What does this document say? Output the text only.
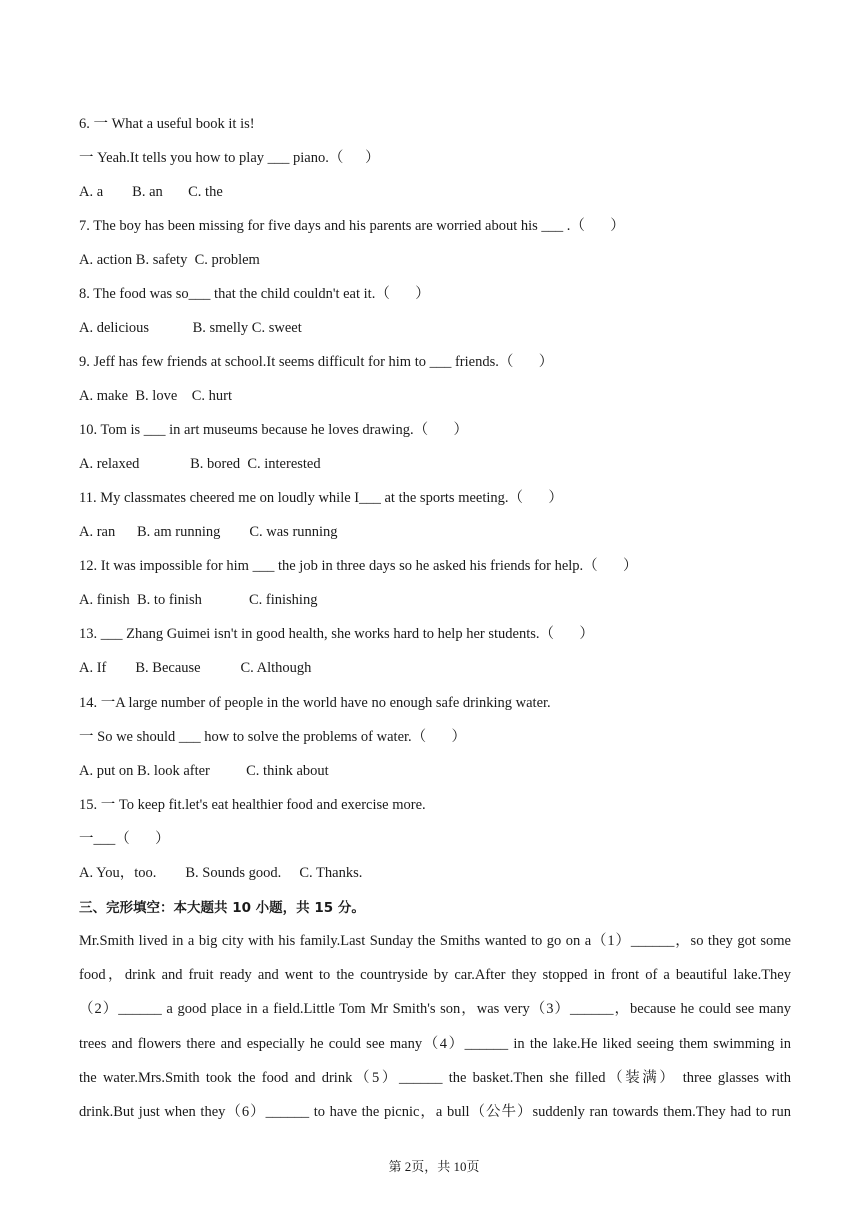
6. 一 What a useful book it is!
一 Yeah.It tells you how to play ___ piano.（      ）
A. a        B. an       C. the
7. The boy has been missing for five days and his parents are worried about his ___ .（       ）
A. action B. safety  C. problem
8. The food was so___ that the child couldn't eat it.（       ）
A. delicious            B. smelly C. sweet
9. Jeff has few friends at school.It seems difficult for him to ___ friends.（       ）
A. make  B. love    C. hurt
10. Tom is ___ in art museums because he loves drawing.（       ）
A. relaxed              B. bored  C. interested
11. My classmates cheered me on loudly while I___ at the sports meeting.（       ）
A. ran      B. am running        C. was running
12. It was impossible for him ___ the job in three days so he asked his friends for help.（       ）
A. finish  B. to finish             C. finishing
13. ___ Zhang Guimei isn't in good health, she works hard to help her students.（       ）
A. If        B. Because           C. Although
14. 一A large number of people in the world have no enough safe drinking water.
一 So we should ___ how to solve the problems of water.（       ）
A. put on B. look after          C. think about
15. 一 To keep fit.let's eat healthier food and exercise more.
一___（       ）
A. You，too.        B. Sounds good.     C. Thanks.
三、完形填空：本大题共 10 小题，共 15 分。
Mr.Smith lived in a big city with his family.Last Sunday the Smiths wanted to go on a（1）______，so they got some
food，drink and fruit ready and went to the countryside by car.After they stopped in front of a beautiful lake.They
（2）______ a good place in a field.Little Tom Mr Smith's son，was very（3）______，because he could see many
trees and flowers there and especially he could see many（4）______ in the lake.He liked seeing them swimming in
the water.Mrs.Smith took the food and drink（5）______ the basket.Then she filled（装满） three glasses with
drink.But just when they（6）______ to have the picnic，a bull（公牛）suddenly ran towards them.They had to run
第 2页，共 10页
